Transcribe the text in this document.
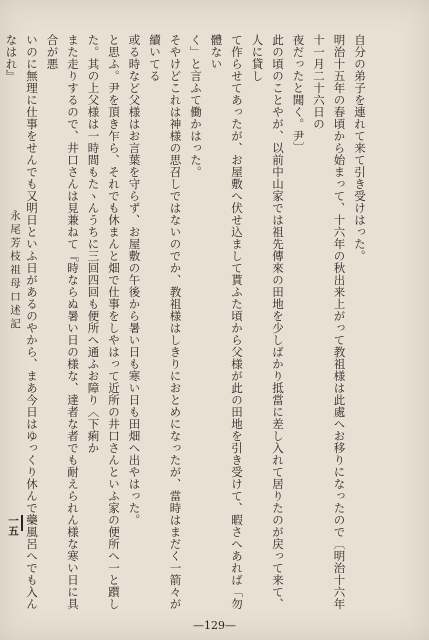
自分の弟子を連れて来て引き受けはった。

明治十五年の春頃から始まって、十六年の秋出来上がって教祖様は此處へお移りになったので〔明治十六年十一月二十六日の

夜だったと聞く。尹〕

此の頃のことやが、以前中山家では祖先傳來の田地を少しばかり抵當に差し入れて居りたのが戻って来て、人に貸し

て作らせてあったが、お屋敷へ伏せ込まして貰ふた頃から父様が此の田地を引き受けて、暇さへあれば「勿體ない

く」と言ふて働かはった。

そやけどこれは神様の思召しではないのでか、教祖様はしきりにおとめになったが、當時はまだく一箭々が續いてる

或る時など父様はお言葉を守らず、お屋敷の午後から暑い日も寒い日も田畑へ出やはった。

と思ふ。尹を頂き乍ら、それでも休まんと畑で仕事をしやはって近所の井口さんといふ家の便所へ一と躓した。其の上父様は一時間もたヽんうちに三回四回も便所へ通ふお障り〈下痢か

また走りするので、井口さんは見兼ねて『時ならぬ暑い日の様な、達者な者でも耐えられん様な寒い日に具合が悪

いのに無理に仕事をせんでも又明日といふ日があるのやから、まあ今日はゆっくり休んで藥風呂へでも入んなはれ』

永尾芳枝祖母口述記
一五
—129—
